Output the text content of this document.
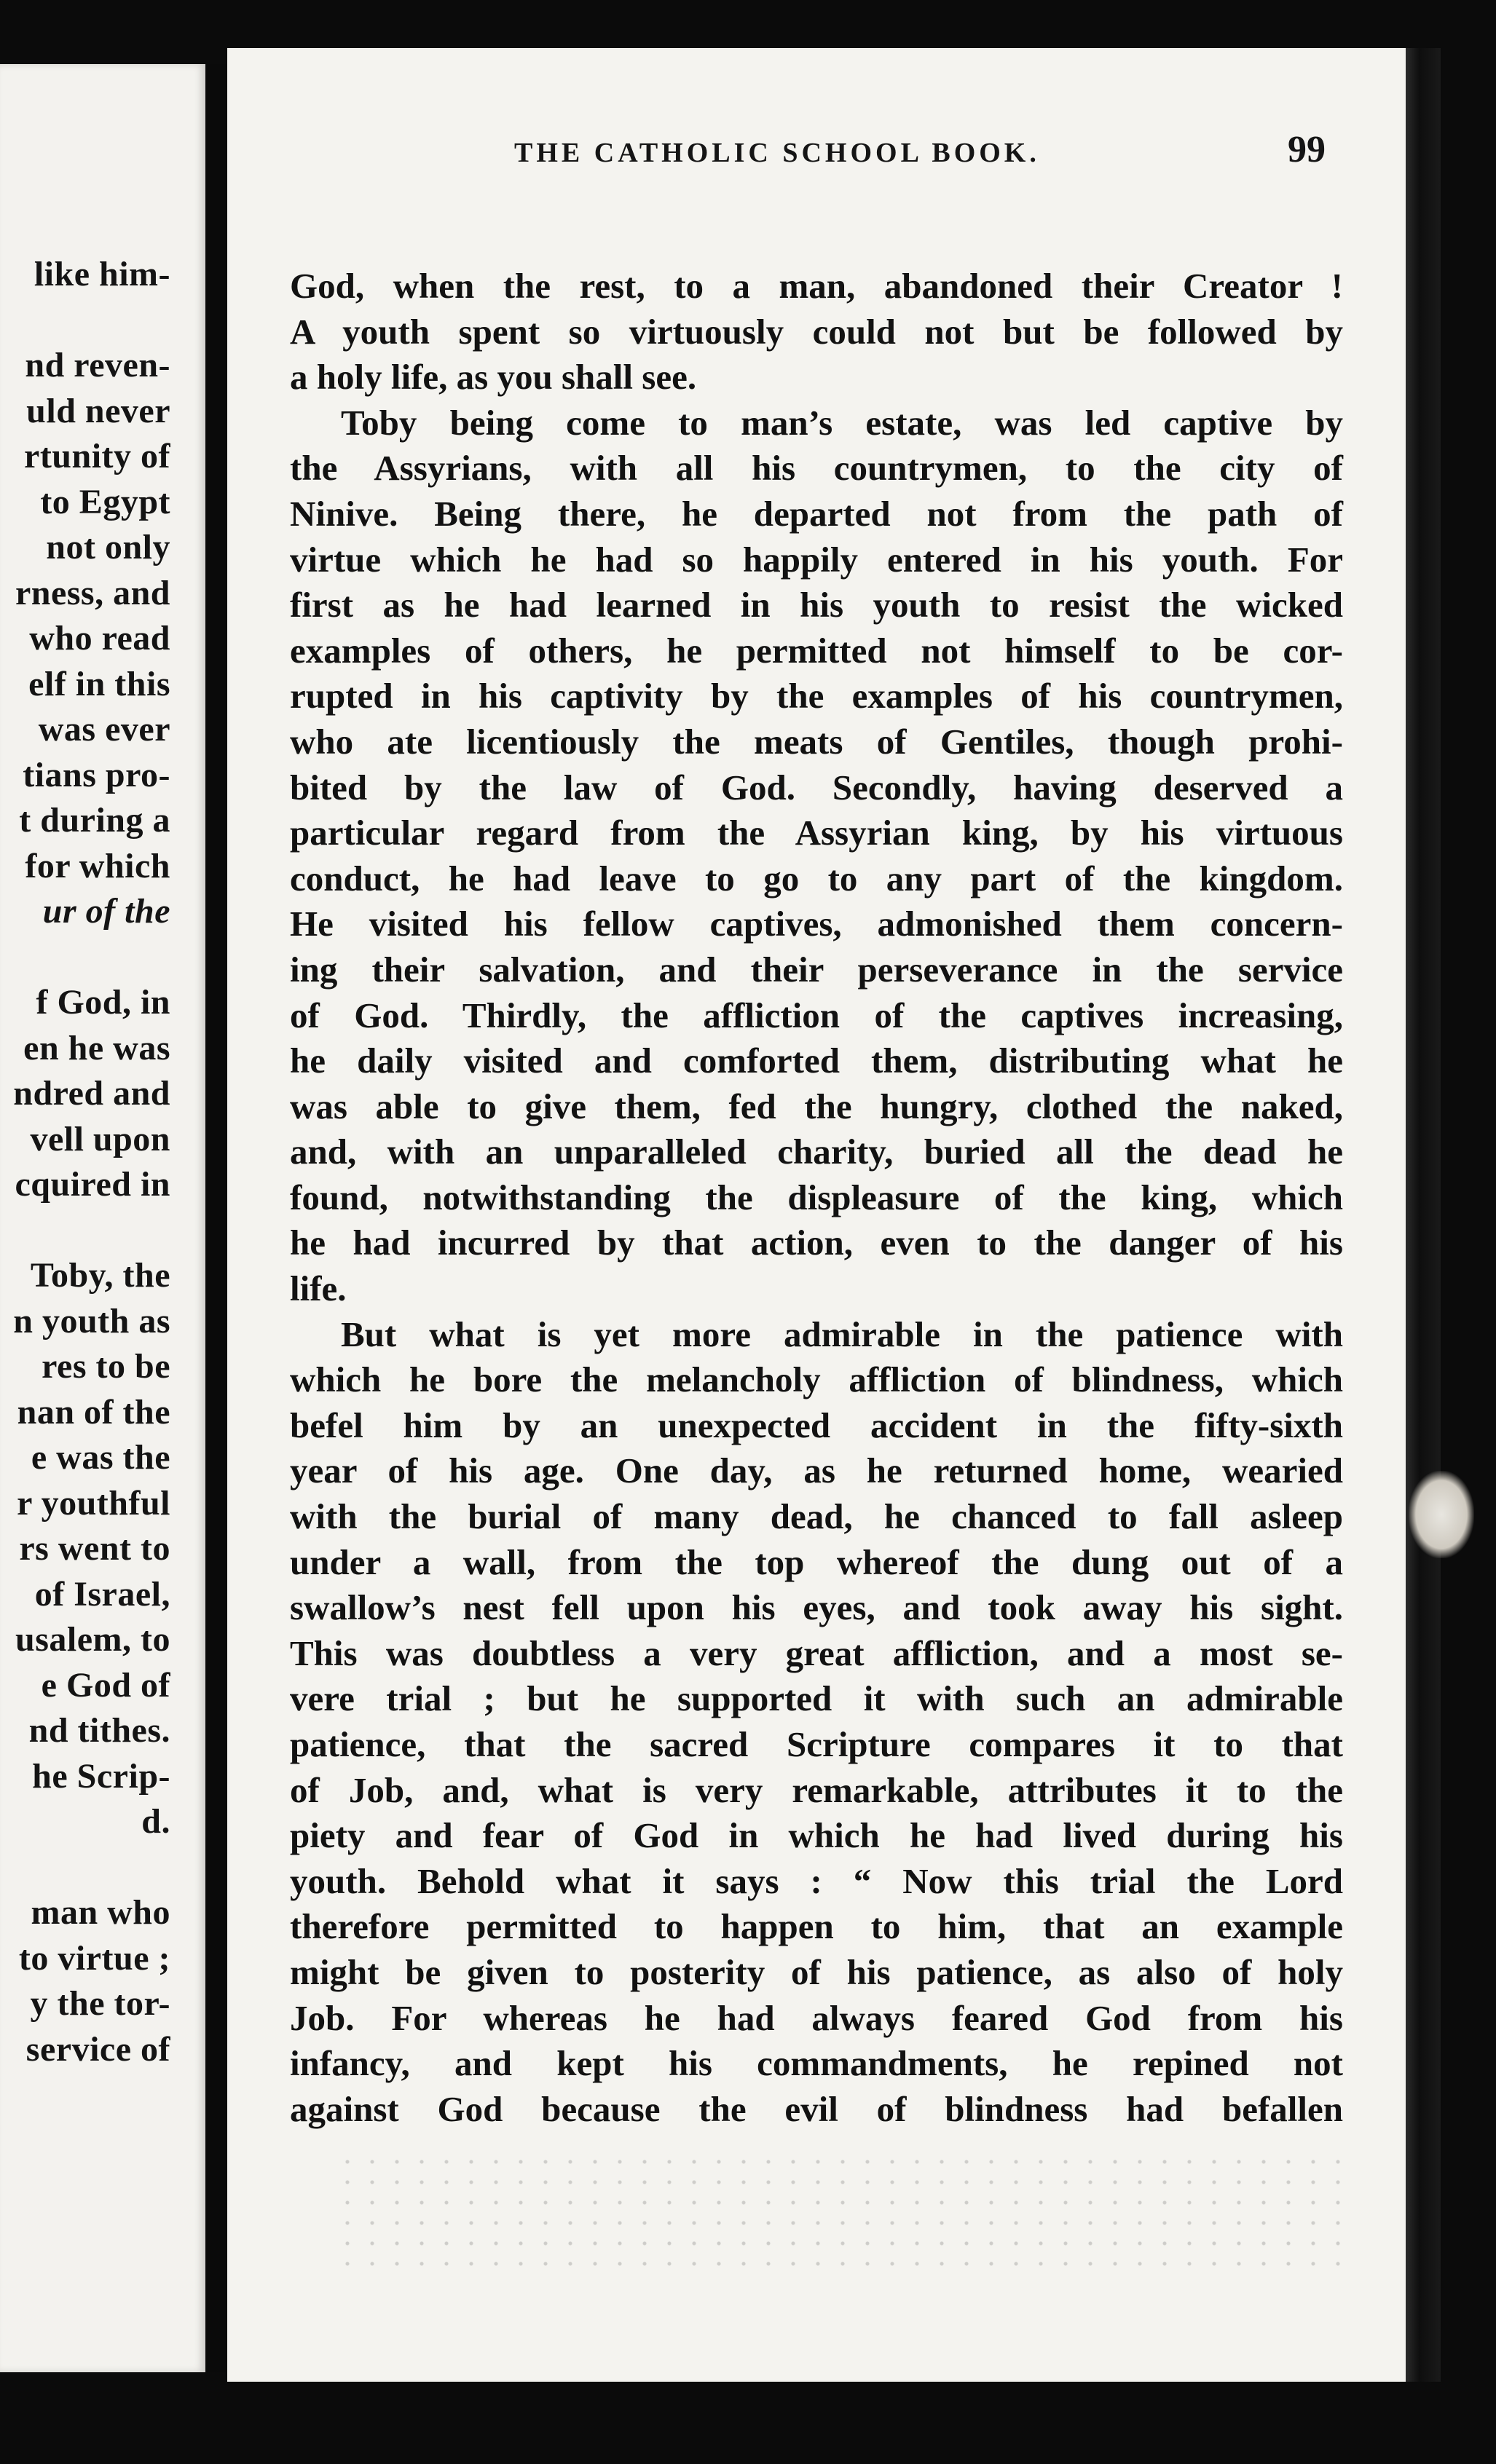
like him-
nd reven-
uld never
rtunity of
to Egypt
not only
rness, and
who read
elf in this
was ever
tians pro-
t during a
for which
ur of the
f God, in
en he was
ndred and
vell upon
cquired in
Toby, the
n youth as
res to be
nan of the
e was the
r youthful
rs went to
of Israel,
usalem, to
e God of
nd tithes.
he Scrip-
d.
man who
to virtue ;
y the tor-
service of
THE CATHOLIC SCHOOL BOOK.	99
God, when the rest, to a man, abandoned their Creator !
A youth spent so virtuously could not but be followed by
a holy life, as you shall see.
Toby being come to man’s estate, was led captive by
the Assyrians, with all his countrymen, to the city of
Ninive. Being there, he departed not from the path of
virtue which he had so happily entered in his youth. For
first as he had learned in his youth to resist the wicked
examples of others, he permitted not himself to be cor-
rupted in his captivity by the examples of his countrymen,
who ate licentiously the meats of Gentiles, though prohi-
bited by the law of God. Secondly, having deserved a
particular regard from the Assyrian king, by his virtuous
conduct, he had leave to go to any part of the kingdom.
He visited his fellow captives, admonished them concern-
ing their salvation, and their perseverance in the service
of God. Thirdly, the affliction of the captives increasing,
he daily visited and comforted them, distributing what he
was able to give them, fed the hungry, clothed the naked,
and, with an unparalleled charity, buried all the dead he
found, notwithstanding the displeasure of the king, which
he had incurred by that action, even to the danger of his
life.
But what is yet more admirable in the patience with
which he bore the melancholy affliction of blindness, which
befel him by an unexpected accident in the fifty-sixth
year of his age. One day, as he returned home, wearied
with the burial of many dead, he chanced to fall asleep
under a wall, from the top whereof the dung out of a
swallow’s nest fell upon his eyes, and took away his sight.
This was doubtless a very great affliction, and a most se-
vere trial ; but he supported it with such an admirable
patience, that the sacred Scripture compares it to that
of Job, and, what is very remarkable, attributes it to the
piety and fear of God in which he had lived during his
youth. Behold what it says : “ Now this trial the Lord
therefore permitted to happen to him, that an example
might be given to posterity of his patience, as also of holy
Job. For whereas he had always feared God from his
infancy, and kept his commandments, he repined not
against God because the evil of blindness had befallen
